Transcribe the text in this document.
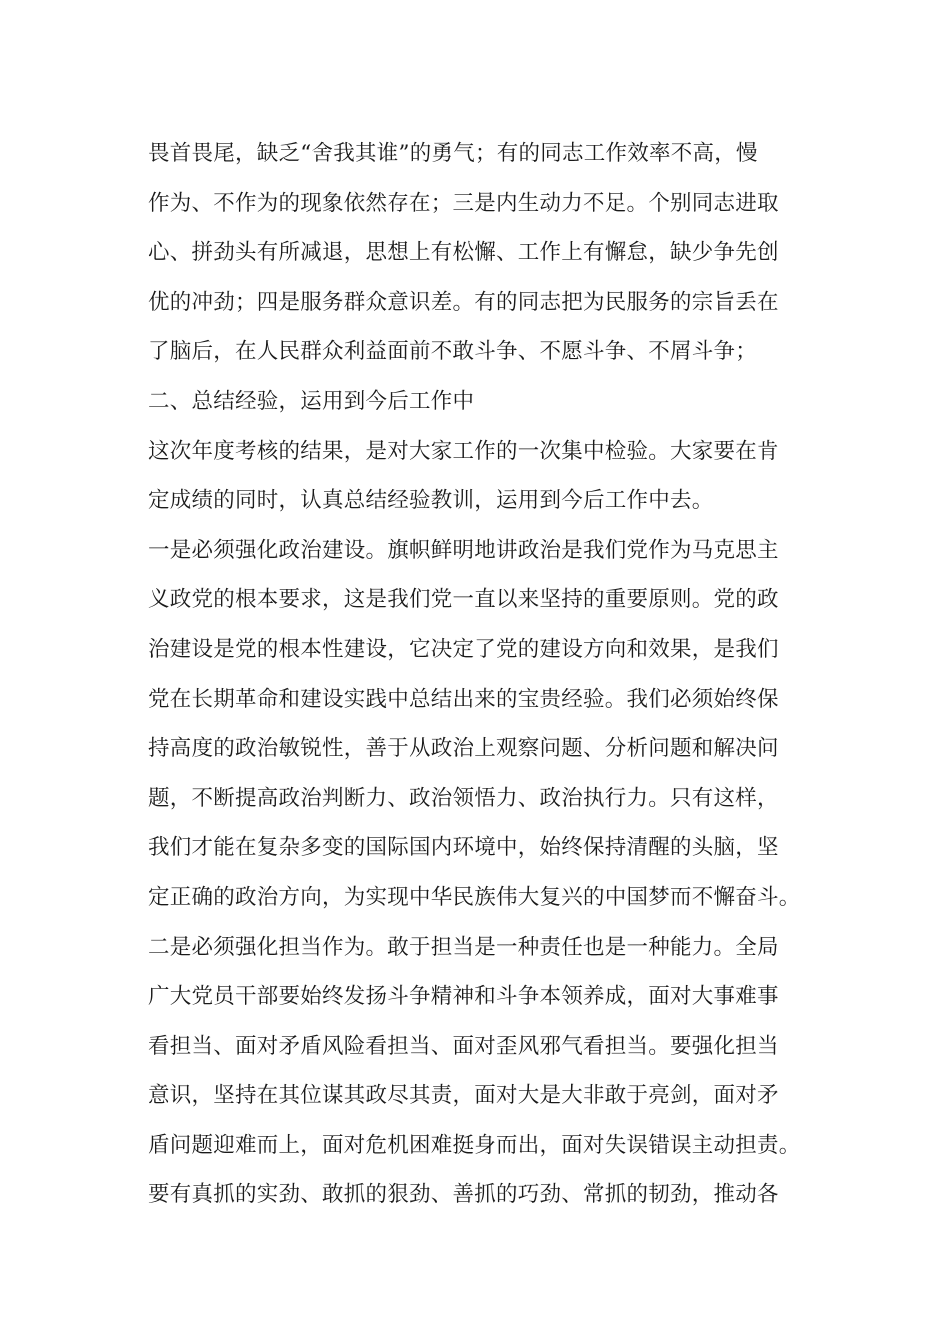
畏首畏尾，缺乏“舍我其谁”的勇气；有的同志工作效率不高，慢
作为、不作为的现象依然存在；三是内生动力不足。个别同志进取
心、拼劲头有所减退，思想上有松懈、工作上有懈怠，缺少争先创
优的冲劲；四是服务群众意识差。有的同志把为民服务的宗旨丢在
了脑后，在人民群众利益面前不敢斗争、不愿斗争、不屑斗争；
二、总结经验，运用到今后工作中
这次年度考核的结果，是对大家工作的一次集中检验。大家要在肯
定成绩的同时，认真总结经验教训，运用到今后工作中去。
一是必须强化政治建设。旗帜鲜明地讲政治是我们党作为马克思主
义政党的根本要求，这是我们党一直以来坚持的重要原则。党的政
治建设是党的根本性建设，它决定了党的建设方向和效果，是我们
党在长期革命和建设实践中总结出来的宝贵经验。我们必须始终保
持高度的政治敏锐性，善于从政治上观察问题、分析问题和解决问
题，不断提高政治判断力、政治领悟力、政治执行力。只有这样，
我们才能在复杂多变的国际国内环境中，始终保持清醒的头脑，坚
定正确的政治方向，为实现中华民族伟大复兴的中国梦而不懈奋斗。
二是必须强化担当作为。敢于担当是一种责任也是一种能力。全局
广大党员干部要始终发扬斗争精神和斗争本领养成，面对大事难事
看担当、面对矛盾风险看担当、面对歪风邪气看担当。要强化担当
意识，坚持在其位谋其政尽其责，面对大是大非敢于亮剑，面对矛
盾问题迎难而上，面对危机困难挺身而出，面对失误错误主动担责。
要有真抓的实劲、敢抓的狠劲、善抓的巧劲、常抓的韧劲，推动各
